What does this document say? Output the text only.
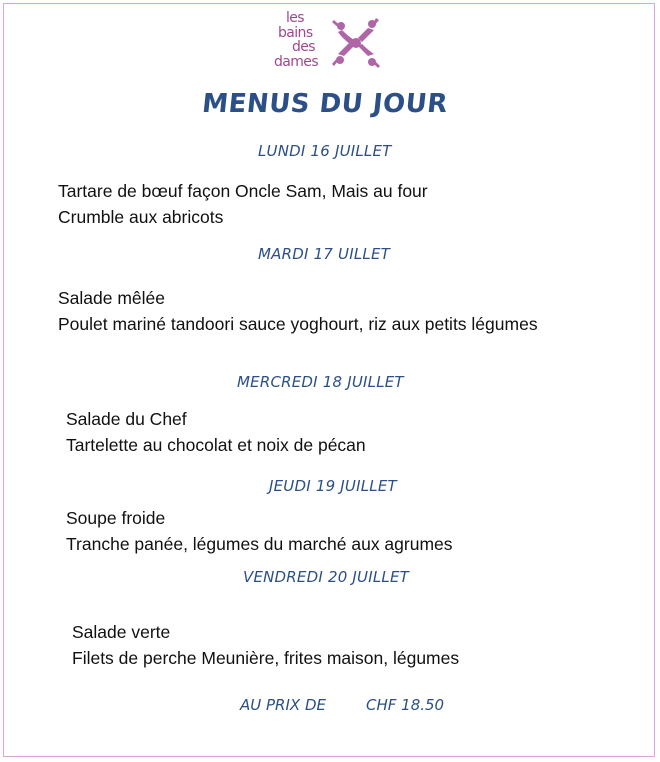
les
bains
des
dames
MENUS DU JOUR
LUNDI 16 JUILLET
Tartare de bœuf façon Oncle Sam, Mais au four
Crumble aux abricots
MARDI 17 UILLET
Salade mêlée
Poulet mariné tandoori sauce yoghourt, riz aux petits légumes
MERCREDI 18 JUILLET
Salade du Chef
Tartelette au chocolat et noix de pécan
JEUDI 19 JUILLET
Soupe froide
Tranche panée, légumes du marché aux agrumes
VENDREDI 20 JUILLET
Salade verte
Filets de perche Meunière, frites maison, légumes
AU PRIX DE	CHF 18.50
